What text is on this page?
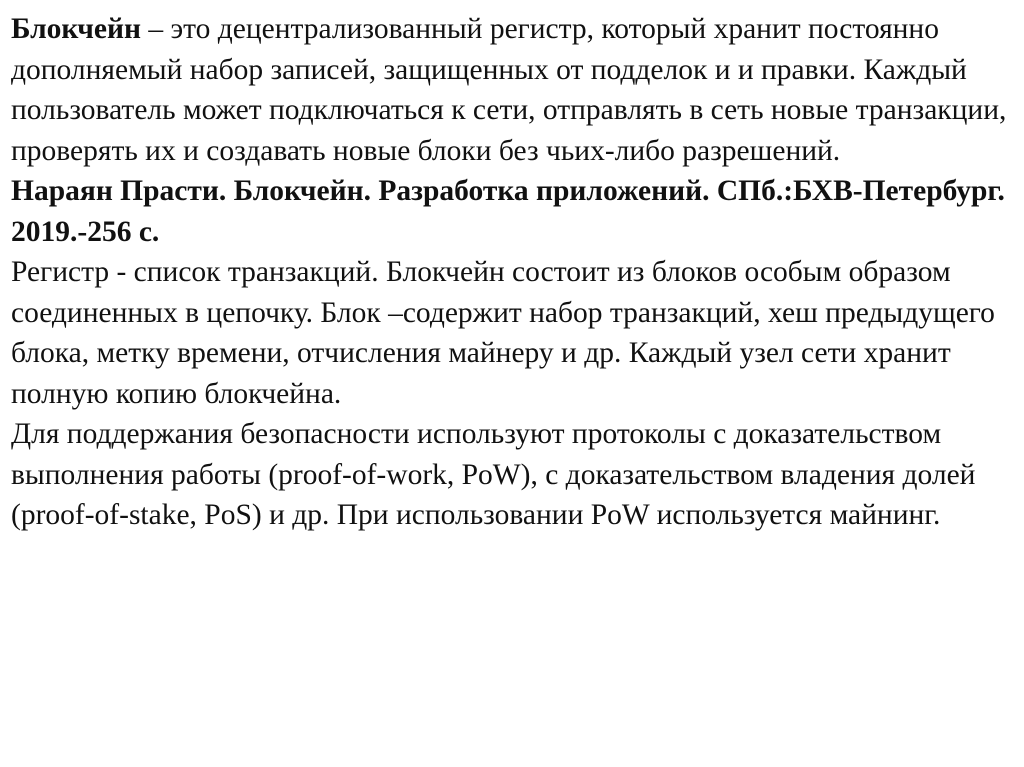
Блокчейн – это децентрализованный регистр, который хранит постоянно дополняемый набор записей, защищенных от подделок и и правки. Каждый пользователь может подключаться к сети, отправлять в сеть новые транзакции, проверять их и создавать новые блоки без чьих-либо разрешений.

Нараян Прасти. Блокчейн. Разработка приложений. СПб.:БХВ-Петербург. 2019.-256 с.

Регистр - список транзакций. Блокчейн состоит из блоков особым образом соединенных в цепочку. Блок –содержит набор транзакций, хеш предыдущего блока, метку времени, отчисления майнеру и др. Каждый узел сети хранит полную копию блокчейна.

Для поддержания безопасности используют протоколы с доказательством выполнения работы (proof-of-work, PoW), с доказательством владения долей (proof-of-stake, PoS) и др. При использовании PoW используется майнинг.
